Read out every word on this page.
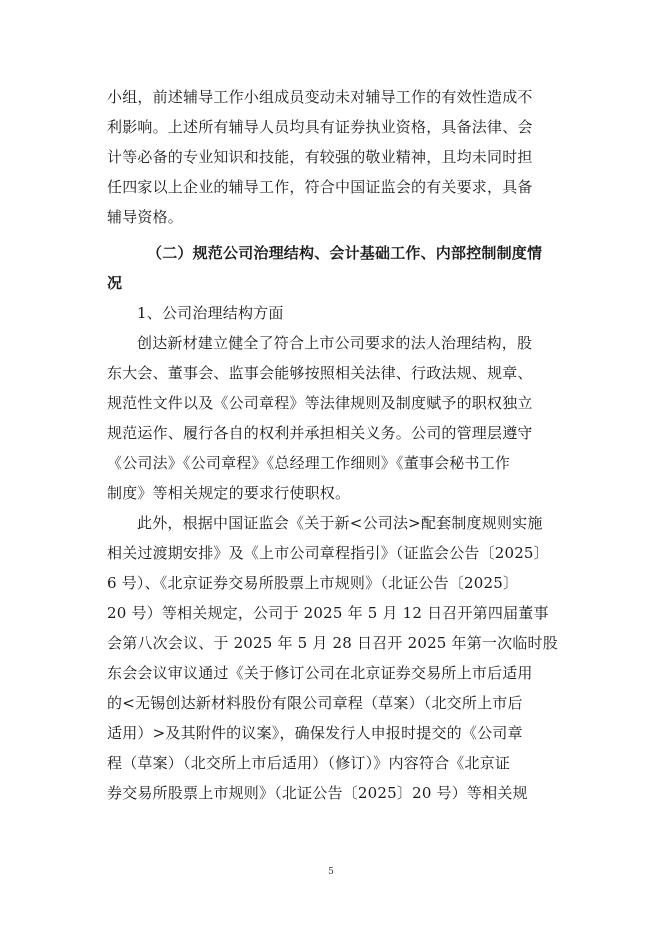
小组，前述辅导工作小组成员变动未对辅导工作的有效性造成不
利影响。上述所有辅导人员均具有证券执业资格，具备法律、会
计等必备的专业知识和技能，有较强的敬业精神，且均未同时担
任四家以上企业的辅导工作，符合中国证监会的有关要求，具备
辅导资格。
（二）规范公司治理结构、会计基础工作、内部控制制度情
况
1、公司治理结构方面
创达新材建立健全了符合上市公司要求的法人治理结构，股
东大会、董事会、监事会能够按照相关法律、行政法规、规章、
规范性文件以及《公司章程》等法律规则及制度赋予的职权独立
规范运作、履行各自的权利并承担相关义务。公司的管理层遵守
《公司法》《公司章程》《总经理工作细则》《董事会秘书工作
制度》等相关规定的要求行使职权。
此外，根据中国证监会《关于新<公司法>配套制度规则实施
相关过渡期安排》及《上市公司章程指引》（证监会公告〔2025〕
6 号）、《北京证券交易所股票上市规则》（北证公告〔2025〕
20 号）等相关规定，公司于 2025 年 5 月 12 日召开第四届董事
会第八次会议、于 2025 年 5 月 28 日召开 2025 年第一次临时股
东会会议审议通过《关于修订公司在北京证券交易所上市后适用
的<无锡创达新材料股份有限公司章程（草案）（北交所上市后
适用）>及其附件的议案》，确保发行人申报时提交的《公司章
程（草案）（北交所上市后适用）（修订）》内容符合《北京证
券交易所股票上市规则》（北证公告〔2025〕20 号）等相关规
5
